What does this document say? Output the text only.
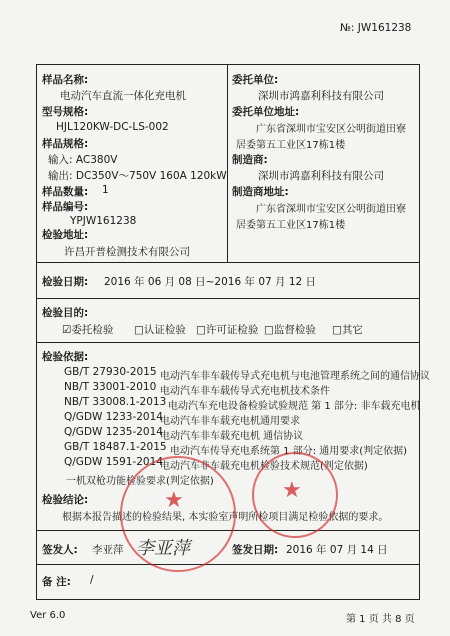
№: JW161238
样品名称:
电动汽车直流一体化充电机
型号规格:
HJL120KW-DC-LS-002
样品规格:
输入: AC380V
输出: DC350V～750V 160A 120kW
样品数量: 1
样品编号:
YPJW161238
检验地址:
许昌开普检测技术有限公司
委托单位:
深圳市鸿嘉利科技有限公司
委托单位地址:
广东省深圳市宝安区公明街道田寮
居委第五工业区17栋1楼
制造商:
深圳市鸿嘉利科技有限公司
制造商地址:
广东省深圳市宝安区公明街道田寮
居委第五工业区17栋1楼
检验日期: 2016 年 06 月 08 日~2016 年 07 月 12 日
检验目的:
☑委托检验 □认证检验 □许可证检验 □监督检验 □其它
检验依据:
GB/T 27930-2015 电动汽车非车载传导式充电机与电池管理系统之间的通信协议
NB/T 33001-2010 电动汽车非车载传导式充电机技术条件
NB/T 33008.1-2013 电动汽车充电设备检验试验规范 第 1 部分: 非车载充电机
Q/GDW 1233-2014
电动汽车非车载充电机通用要求
Q/GDW 1235-2014
电动汽车非车载充电机 通信协议
GB/T 18487.1-2015 电动汽车传导充电系统第 1 部分: 通用要求(判定依据)
Q/GDW 1591-2014
电动汽车非车载充电机检验技术规范(判定依据)
一机双枪功能检验要求(判定依据)
检验结论:
根据本报告描述的检验结果, 本实验室声明所检项目满足检验依据的要求。
★	★
签发人: 李亚萍 李亚萍	签发日期: 2016 年 07 月 14 日
备 注: /
Ver 6.0	第 1 页 共 8 页
